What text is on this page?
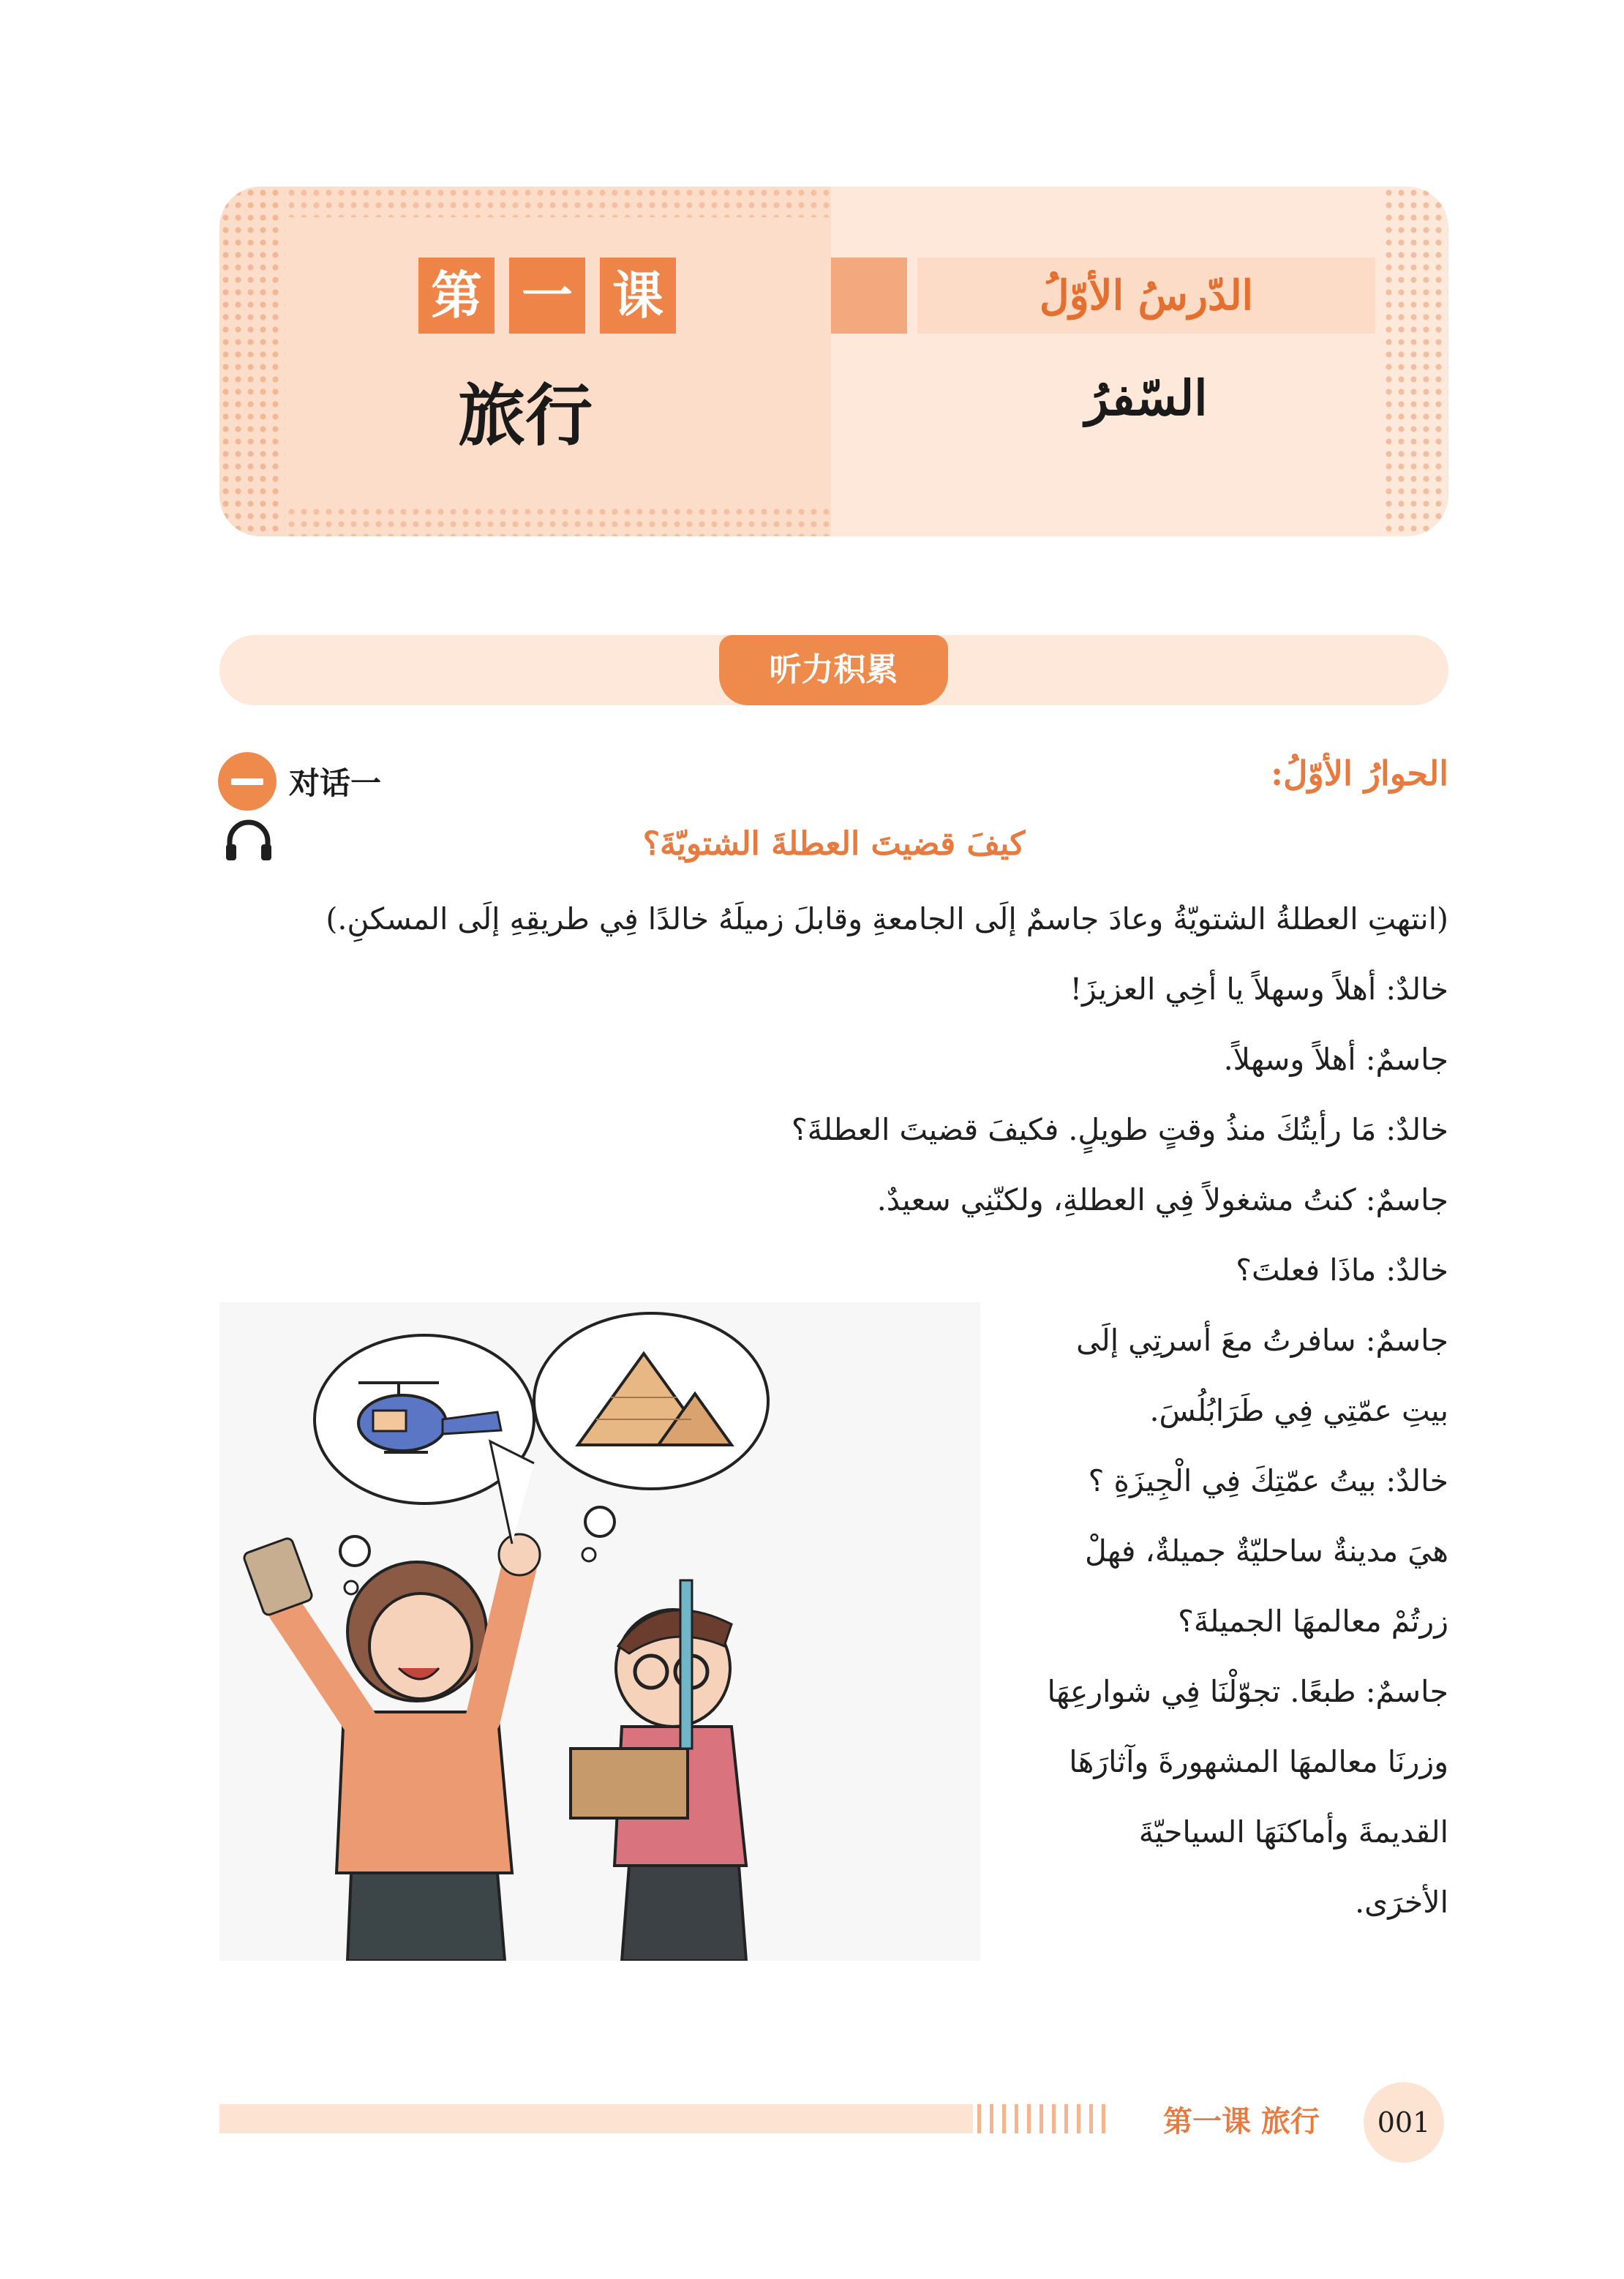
第 一 课
旅行
الدّرسُ الأوّلُ
السّفرُ
听力积累
对话一	الحوارُ الأوّلُ:
كيفَ قضيتَ العطلةَ الشتويّةَ؟
(انتهتِ العطلةُ الشتويّةُ وعادَ جاسمٌ إلَى الجامعةِ وقابلَ زميلَهُ خالدًا فِي طريقِهِ إلَى المسكنِ.)
خالدٌ: أهلاً وسهلاً يا أخِي العزيزَ!
جاسمٌ: أهلاً وسهلاً.
خالدٌ: مَا رأيتُكَ منذُ وقتٍ طويلٍ. فكيفَ قضيتَ العطلةَ؟
جاسمٌ: كنتُ مشغولاً فِي العطلةِ، ولكنّنِي سعيدٌ.
خالدٌ: ماذَا فعلتَ؟
جاسمٌ: سافرتُ معَ أسرتِي إلَى
بيتِ عمّتِي فِي طَرَابُلُسَ.
خالدٌ: بيتُ عمّتِكَ فِي الْجِيزَةِ ؟
هيَ مدينةٌ ساحليّةٌ جميلةٌ، فهلْ
زرتُمْ معالمهَا الجميلةَ؟
جاسمٌ: طبعًا. تجوّلْنَا فِي شوارعِهَا
وزرنَا معالمهَا المشهورةَ وآثارَهَا
القديمةَ وأماكنَهَا السياحيّةَ
الأخرَى.
第一课 旅行	001
